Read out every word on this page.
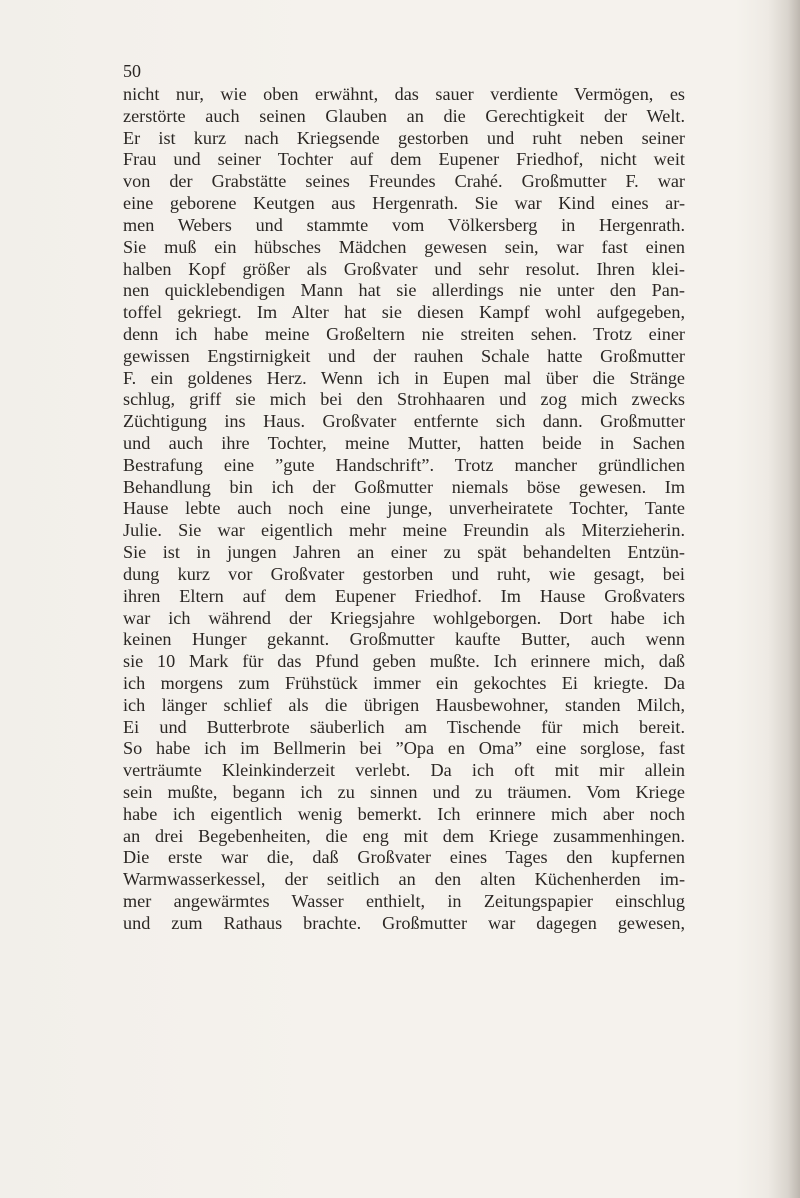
50
nicht nur, wie oben erwähnt, das sauer verdiente Vermögen, es
zerstörte auch seinen Glauben an die Gerechtigkeit der Welt.
Er ist kurz nach Kriegsende gestorben und ruht neben seiner
Frau und seiner Tochter auf dem Eupener Friedhof, nicht weit
von der Grabstätte seines Freundes Crahé. Großmutter F. war
eine geborene Keutgen aus Hergenrath. Sie war Kind eines ar-
men Webers und stammte vom Völkersberg in Hergenrath.
Sie muß ein hübsches Mädchen gewesen sein, war fast einen
halben Kopf größer als Großvater und sehr resolut. Ihren klei-
nen quicklebendigen Mann hat sie allerdings nie unter den Pan-
toffel gekriegt. Im Alter hat sie diesen Kampf wohl aufgegeben,
denn ich habe meine Großeltern nie streiten sehen. Trotz einer
gewissen Engstirnigkeit und der rauhen Schale hatte Großmutter
F. ein goldenes Herz. Wenn ich in Eupen mal über die Stränge
schlug, griff sie mich bei den Strohhaaren und zog mich zwecks
Züchtigung ins Haus. Großvater entfernte sich dann. Großmutter
und auch ihre Tochter, meine Mutter, hatten beide in Sachen
Bestrafung eine ”gute Handschrift”. Trotz mancher gründlichen
Behandlung bin ich der Goßmutter niemals böse gewesen. Im
Hause lebte auch noch eine junge, unverheiratete Tochter, Tante
Julie. Sie war eigentlich mehr meine Freundin als Miterzieherin.
Sie ist in jungen Jahren an einer zu spät behandelten Entzün-
dung kurz vor Großvater gestorben und ruht, wie gesagt, bei
ihren Eltern auf dem Eupener Friedhof. Im Hause Großvaters
war ich während der Kriegsjahre wohlgeborgen. Dort habe ich
keinen Hunger gekannt. Großmutter kaufte Butter, auch wenn
sie 10 Mark für das Pfund geben mußte. Ich erinnere mich, daß
ich morgens zum Frühstück immer ein gekochtes Ei kriegte. Da
ich länger schlief als die übrigen Hausbewohner, standen Milch,
Ei und Butterbrote säuberlich am Tischende für mich bereit.
So habe ich im Bellmerin bei ”Opa en Oma” eine sorglose, fast
verträumte Kleinkinderzeit verlebt. Da ich oft mit mir allein
sein mußte, begann ich zu sinnen und zu träumen. Vom Kriege
habe ich eigentlich wenig bemerkt. Ich erinnere mich aber noch
an drei Begebenheiten, die eng mit dem Kriege zusammenhingen.
Die erste war die, daß Großvater eines Tages den kupfernen
Warmwasserkessel, der seitlich an den alten Küchenherden im-
mer angewärmtes Wasser enthielt, in Zeitungspapier einschlug
und zum Rathaus brachte. Großmutter war dagegen gewesen,
